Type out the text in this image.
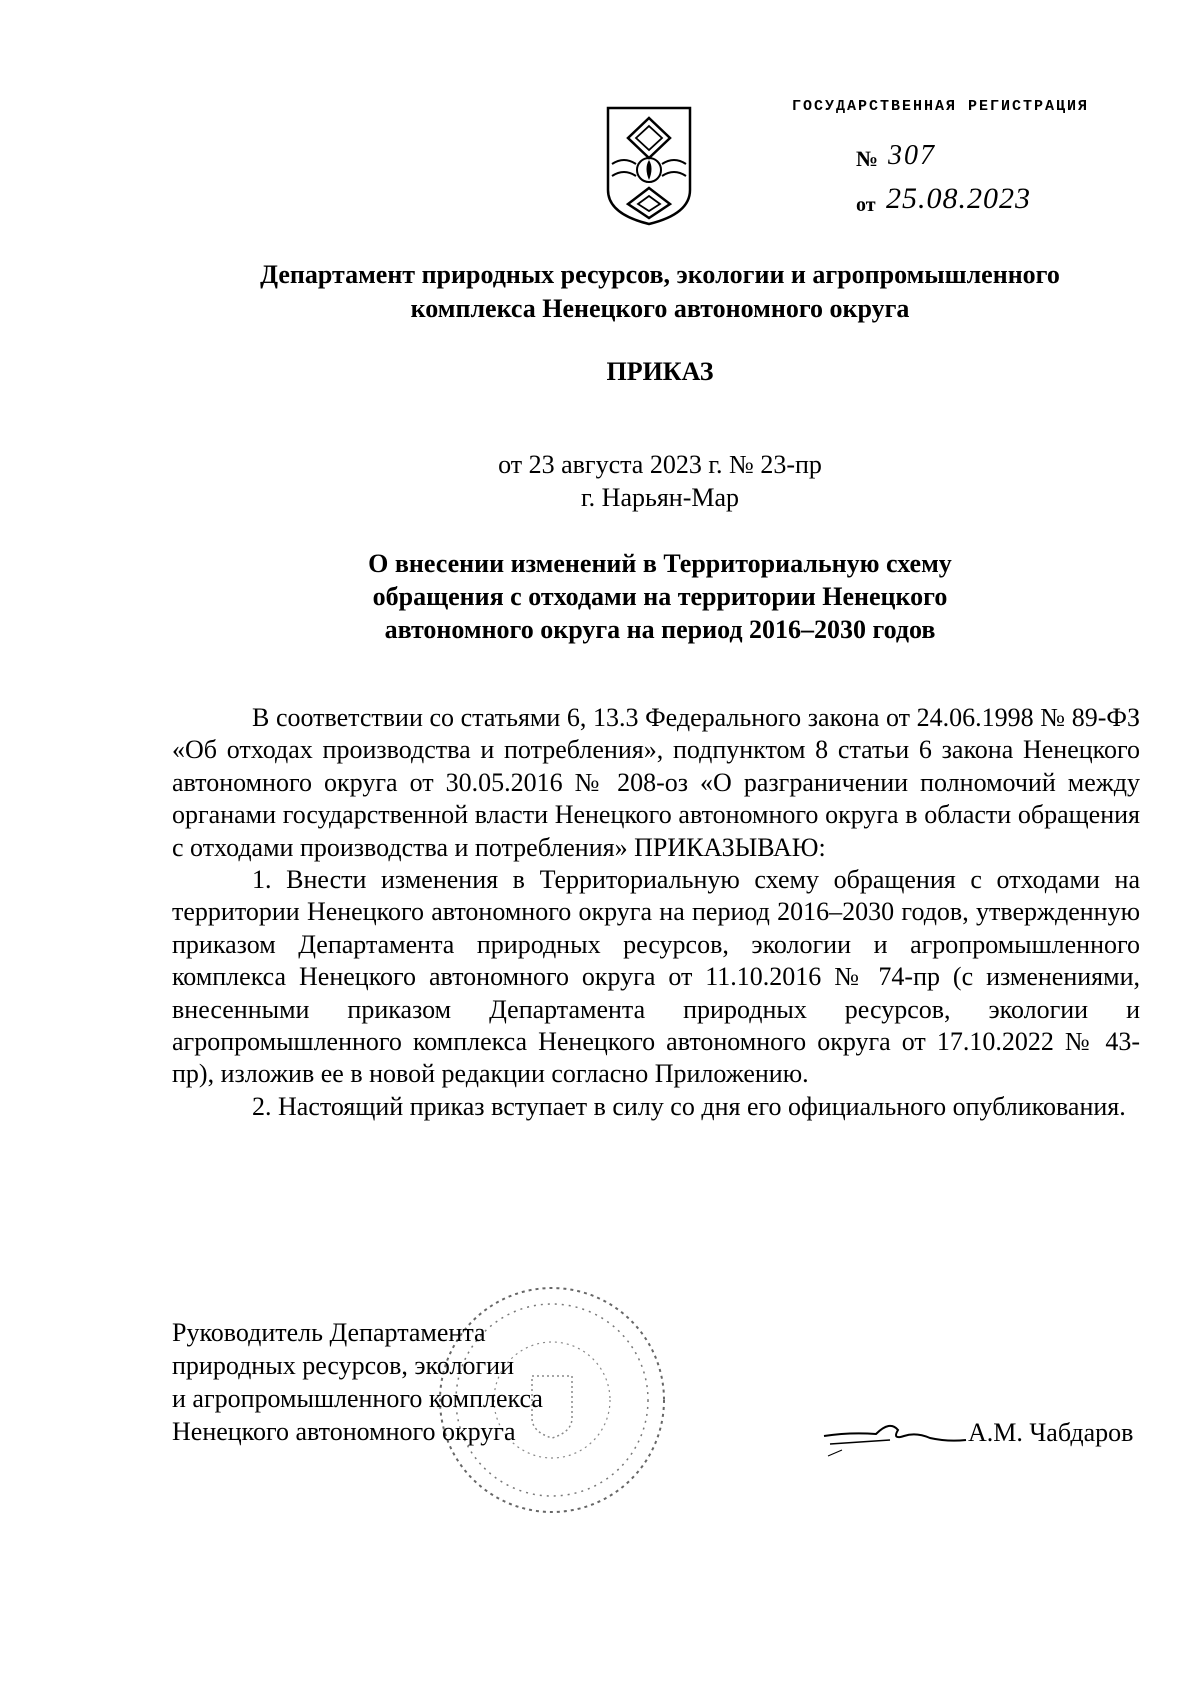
ГОСУДАРСТВЕННАЯ РЕГИСТРАЦИЯ
№ 307
от 25.08.2023
Департамент природных ресурсов, экологии и агропромышленного
комплекса Ненецкого автономного округа
ПРИКАЗ
от 23 августа 2023 г. № 23-пр
г. Нарьян-Мар
О внесении изменений в Территориальную схему
обращения с отходами на территории Ненецкого
автономного округа на период 2016–2030 годов

В соответствии со статьями 6, 13.3 Федерального закона от 24.06.1998 № 89-ФЗ «Об отходах производства и потребления», подпунктом 8 статьи 6 закона Ненецкого автономного округа от 30.05.2016 № 208-оз «О разграничении полномочий между органами государственной власти Ненецкого автономного округа в области обращения с отходами производства и потребления» ПРИКАЗЫВАЮ:

1. Внести изменения в Территориальную схему обращения с отходами на территории Ненецкого автономного округа на период 2016–2030 годов, утвержденную приказом Департамента природных ресурсов, экологии и агропромышленного комплекса Ненецкого автономного округа от 11.10.2016 № 74-пр (с изменениями, внесенными приказом Департамента природных ресурсов, экологии и агропромышленного комплекса Ненецкого автономного округа от 17.10.2022 № 43-пр), изложив ее в новой редакции согласно Приложению.

2. Настоящий приказ вступает в силу со дня его официального опубликования.

Руководитель Департамента
природных ресурсов, экологии
и агропромышленного комплекса
Ненецкого автономного округа	А.М. Чабдаров
